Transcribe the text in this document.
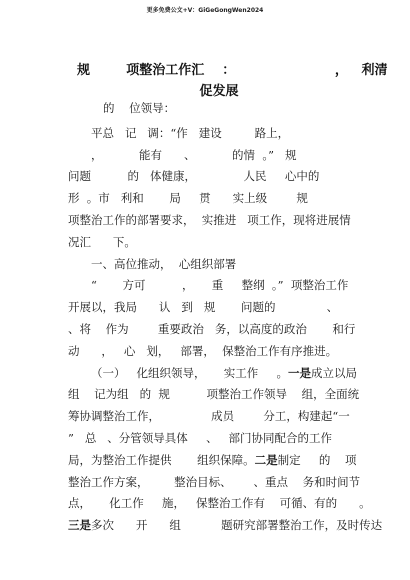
更多免费公文+V：GiGeGongWen2024
规        项整治工作汇    ：                      ，   利清
促发展
的    位领导：
平总   记   调：“作   建设         路上，
，          能有      、          的情  。”   规
问题          的   体健康，             人民     心中的
形  。市   利和       局     贯      实上级        规
项整治工作的部署要求，  实推进   项工作，现将进展情
况汇      下。
一、高位推动，  心组织部署
“       方可          ，     重     整纲  。”  项整治工作
开展以，我局      认   到   规       问题的              、
、将    作为        重要政治   务，以高度的政治       和行
动      ，   心   划，   部署，  保整治工作有序推进。
（一）   化组织领导，     实工作     。一是成立以局
组    记为组   的  规          项整治工作领导    组，全面统
筹协调整治工作，              成员        分工，构建起“一
”   总   、分管领导具体     、   部门协同配合的工作
局，为整治工作提供       组织保障。二是制定     的    项
整治工作方案，       整治目标、      、重点    务和时间节
点，     化工作     施，   保整治工作有    可循、有的      。
三是多次      开      组           题研究部署整治工作，及时传达
